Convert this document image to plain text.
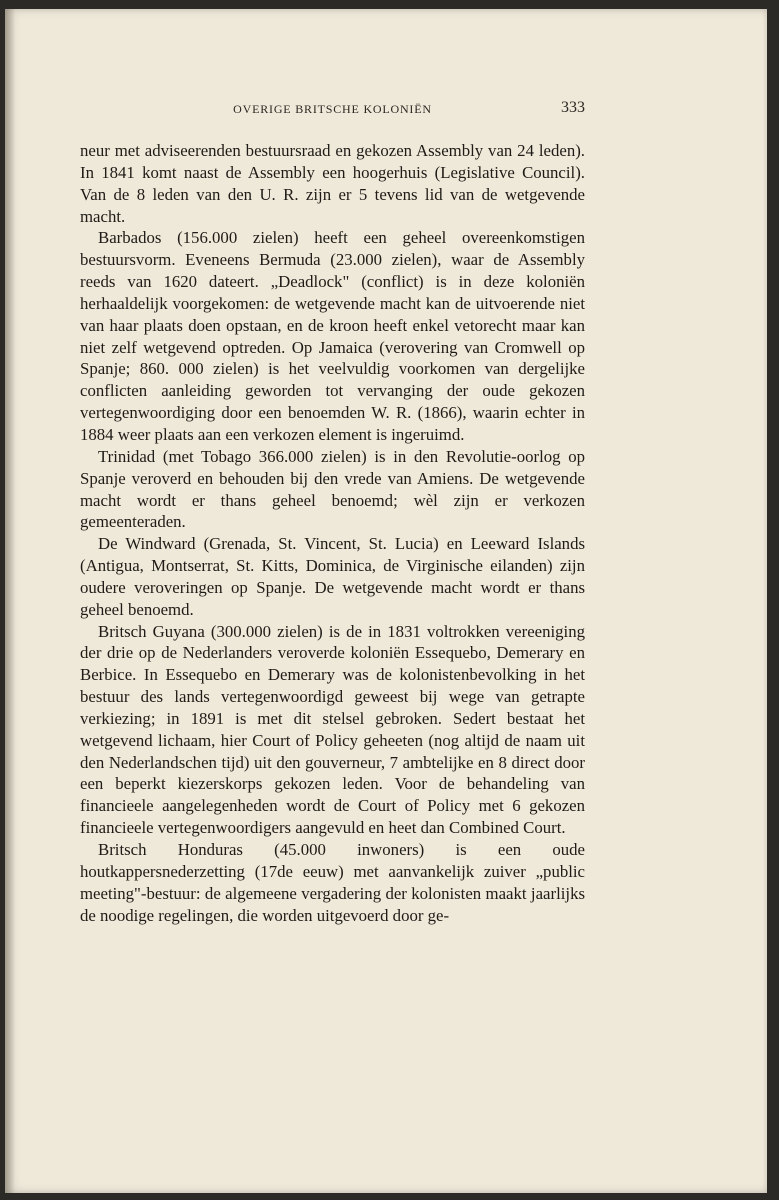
OVERIGE BRITSCHE KOLONIËN	333

neur met adviseerenden bestuursraad en gekozen Assembly van 24 leden). In 1841 komt naast de Assembly een hoogerhuis (Legislative Council). Van de 8 leden van den U. R. zijn er 5 tevens lid van de wetgevende macht.

Barbados (156.000 zielen) heeft een geheel overeenkomstigen bestuursvorm. Eveneens Bermuda (23.000 zielen), waar de Assembly reeds van 1620 dateert. „Deadlock" (conflict) is in deze koloniën herhaaldelijk voorgekomen: de wetgevende macht kan de uitvoerende niet van haar plaats doen opstaan, en de kroon heeft enkel vetorecht maar kan niet zelf wetgevend optreden. Op Jamaica (verovering van Cromwell op Spanje; 860. 000 zielen) is het veelvuldig voorkomen van dergelijke conflicten aanleiding geworden tot vervanging der oude gekozen vertegenwoordiging door een benoemden W. R. (1866), waarin echter in 1884 weer plaats aan een verkozen element is ingeruimd.

Trinidad (met Tobago 366.000 zielen) is in den Revolutie-oorlog op Spanje veroverd en behouden bij den vrede van Amiens. De wetgevende macht wordt er thans geheel benoemd; wèl zijn er verkozen gemeenteraden.

De Windward (Grenada, St. Vincent, St. Lucia) en Leeward Islands (Antigua, Montserrat, St. Kitts, Dominica, de Virginische eilanden) zijn oudere veroveringen op Spanje. De wetgevende macht wordt er thans geheel benoemd.

Britsch Guyana (300.000 zielen) is de in 1831 voltrokken vereeniging der drie op de Nederlanders veroverde koloniën Essequebo, Demerary en Berbice. In Essequebo en Demerary was de kolonistenbevolking in het bestuur des lands vertegenwoordigd geweest bij wege van getrapte verkiezing; in 1891 is met dit stelsel gebroken. Sedert bestaat het wetgevend lichaam, hier Court of Policy geheeten (nog altijd de naam uit den Nederlandschen tijd) uit den gouverneur, 7 ambtelijke en 8 direct door een beperkt kiezerskorps gekozen leden. Voor de behandeling van financieele aangelegenheden wordt de Court of Policy met 6 gekozen financieele vertegenwoordigers aangevuld en heet dan Combined Court.

Britsch Honduras (45.000 inwoners) is een oude houtkappersnederzetting (17de eeuw) met aanvankelijk zuiver „public meeting"-bestuur: de algemeene vergadering der kolonisten maakt jaarlijks de noodige regelingen, die worden uitgevoerd door ge-
